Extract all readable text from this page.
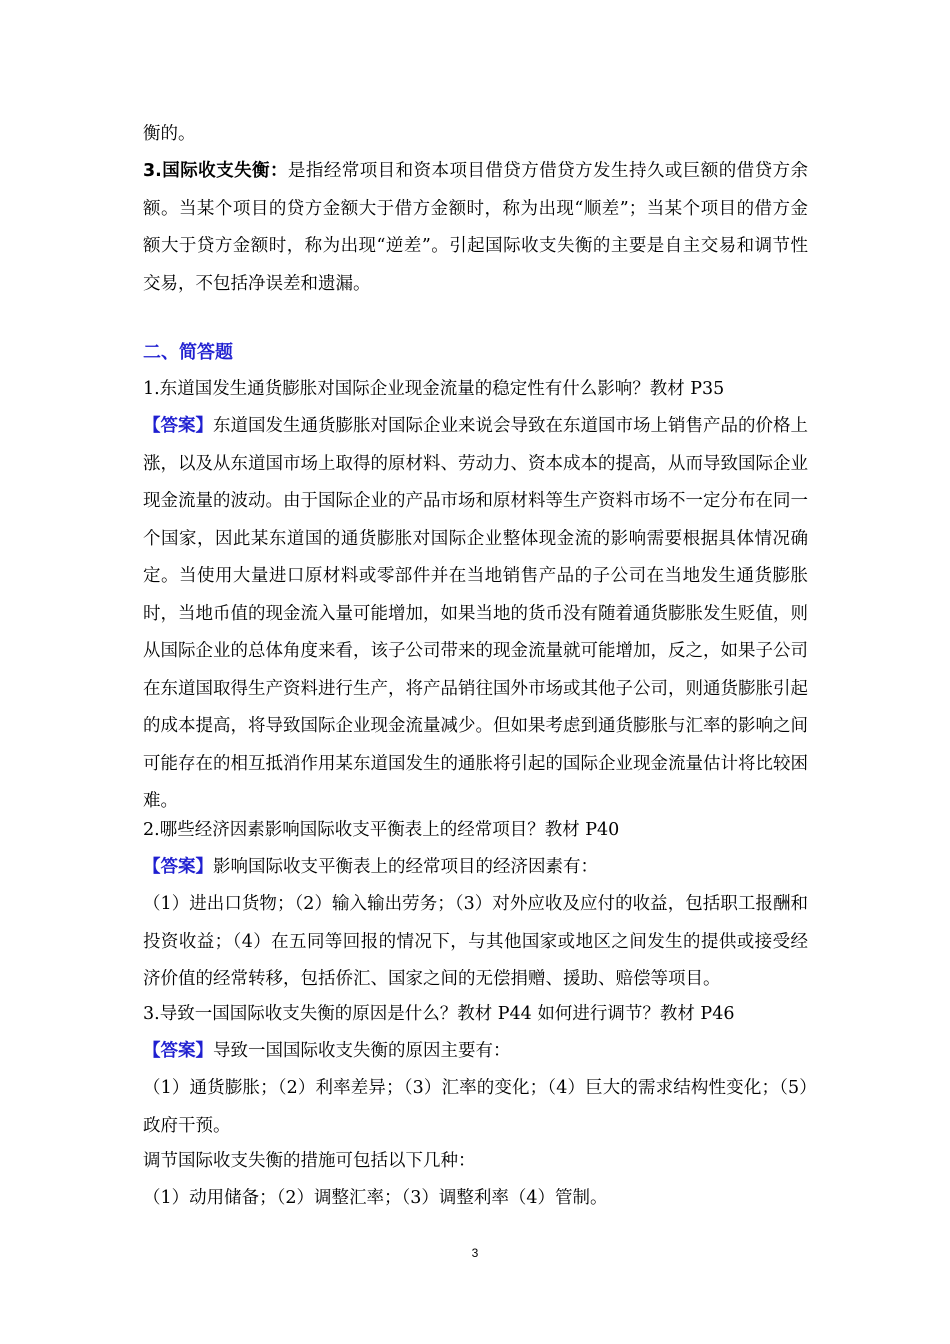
衡的。

3.国际收支失衡：是指经常项目和资本项目借贷方借贷方发生持久或巨额的借贷方余额。当某个项目的贷方金额大于借方金额时，称为出现“顺差”；当某个项目的借方金额大于贷方金额时，称为出现“逆差”。引起国际收支失衡的主要是自主交易和调节性交易，不包括净误差和遗漏。

二、简答题

1.东道国发生通货膨胀对国际企业现金流量的稳定性有什么影响？教材 P35

【答案】东道国发生通货膨胀对国际企业来说会导致在东道国市场上销售产品的价格上涨，以及从东道国市场上取得的原材料、劳动力、资本成本的提高，从而导致国际企业现金流量的波动。由于国际企业的产品市场和原材料等生产资料市场不一定分布在同一个国家，因此某东道国的通货膨胀对国际企业整体现金流的影响需要根据具体情况确定。当使用大量进口原材料或零部件并在当地销售产品的子公司在当地发生通货膨胀时，当地币值的现金流入量可能增加，如果当地的货币没有随着通货膨胀发生贬值，则从国际企业的总体角度来看，该子公司带来的现金流量就可能增加，反之，如果子公司在东道国取得生产资料进行生产，将产品销往国外市场或其他子公司，则通货膨胀引起的成本提高，将导致国际企业现金流量减少。但如果考虑到通货膨胀与汇率的影响之间可能存在的相互抵消作用某东道国发生的通胀将引起的国际企业现金流量估计将比较困难。

2.哪些经济因素影响国际收支平衡表上的经常项目？教材 P40

【答案】影响国际收支平衡表上的经常项目的经济因素有：

（1）进出口货物；（2）输入输出劳务；（3）对外应收及应付的收益，包括职工报酬和投资收益；（4）在五同等回报的情况下，与其他国家或地区之间发生的提供或接受经济价值的经常转移，包括侨汇、国家之间的无偿捐赠、援助、赔偿等项目。

3.导致一国国际收支失衡的原因是什么？教材 P44 如何进行调节？教材 P46

【答案】导致一国国际收支失衡的原因主要有：

（1）通货膨胀；（2）利率差异；（3）汇率的变化；（4）巨大的需求结构性变化；（5）政府干预。

调节国际收支失衡的措施可包括以下几种：

（1）动用储备；（2）调整汇率；（3）调整利率（4）管制。

3
